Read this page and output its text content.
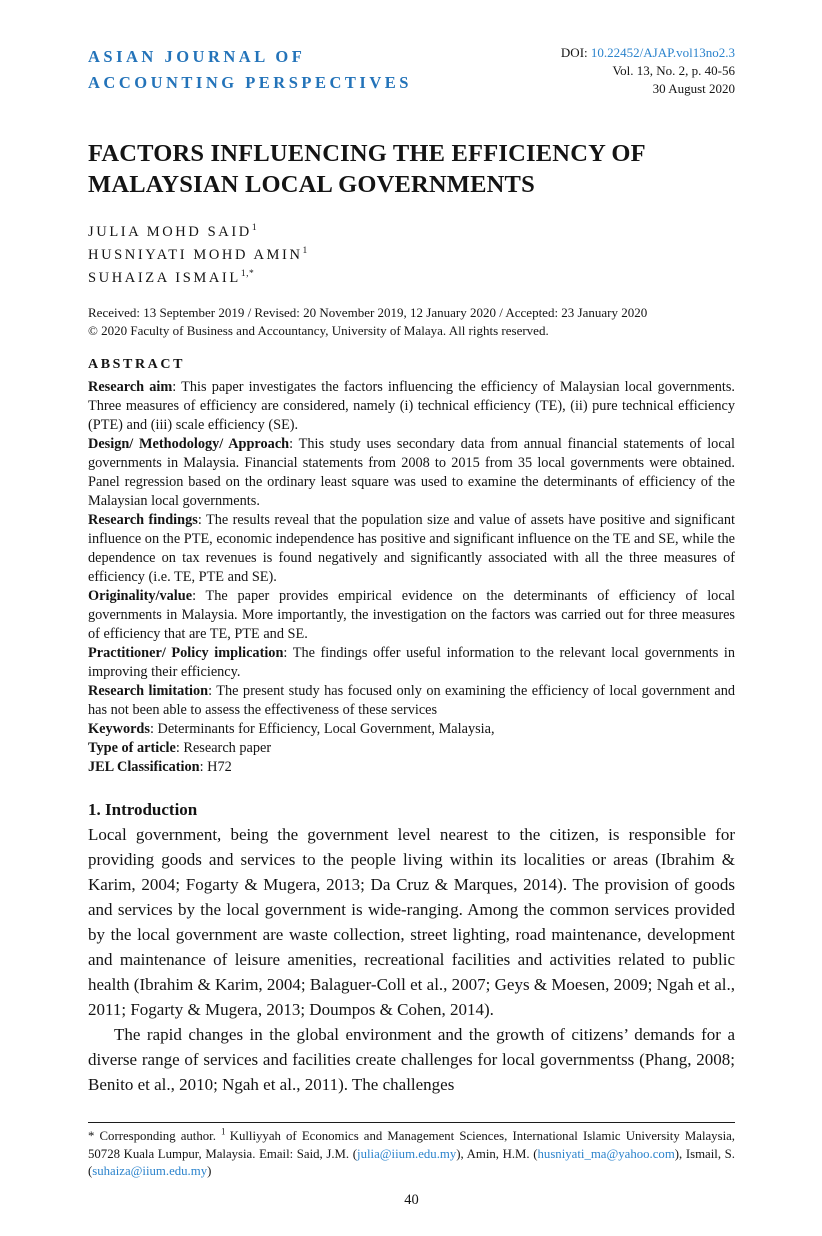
ASIAN JOURNAL OF
ACCOUNTING PERSPECTIVES
DOI: 10.22452/AJAP.vol13no2.3
Vol. 13, No. 2, p. 40-56
30 August 2020
FACTORS INFLUENCING THE EFFICIENCY OF MALAYSIAN LOCAL GOVERNMENTS
JULIA MOHD SAID$^1$
HUSNIYATI MOHD AMIN$^1$
SUHAIZA $ISMAIL^{1,*}$
Received: 13 September 2019 / Revised: 20 November 2019, 12 January 2020 / Accepted: 23 January 2020
© 2020 Faculty of Business and Accountancy, University of Malaya. All rights reserved.
ABSTRACT

Research aim: This paper investigates the factors influencing the efficiency of Malaysian local governments. Three measures of efficiency are considered, namely (i) technical efficiency (TE), (ii) pure technical efficiency (PTE) and (iii) scale efficiency (SE).

Design/ Methodology/ Approach: This study uses secondary data from annual financial statements of local governments in Malaysia. Financial statements from 2008 to 2015 from 35 local governments were obtained. Panel regression based on the ordinary least square was used to examine the determinants of efficiency of the Malaysian local governments.

Research findings: The results reveal that the population size and value of assets have positive and significant influence on the PTE, economic independence has positive and significant influence on the TE and SE, while the dependence on tax revenues is found negatively and significantly associated with all the three measures of efficiency (i.e. TE, PTE and SE).

Originality/value: The paper provides empirical evidence on the determinants of efficiency of local governments in Malaysia. More importantly, the investigation on the factors was carried out for three measures of efficiency that are TE, PTE and SE.

Practitioner/ Policy implication: The findings offer useful information to the relevant local governments in improving their efficiency.

Research limitation: The present study has focused only on examining the efficiency of local government and has not been able to assess the effectiveness of these services

Keywords: Determinants for Efficiency, Local Government, Malaysia,

Type of article: Research paper

JEL Classification: H72

1. Introduction

Local government, being the government level nearest to the citizen, is responsible for providing goods and services to the people living within its localities or areas (Ibrahim & Karim, 2004; Fogarty & Mugera, 2013; Da Cruz & Marques, 2014). The provision of goods and services by the local government is wide-ranging. Among the common services provided by the local government are waste collection, street lighting, road maintenance, development and maintenance of leisure amenities, recreational facilities and activities related to public health (Ibrahim & Karim, 2004; Balaguer-Coll et al., 2007; Geys & Moesen, 2009; Ngah et al., 2011; Fogarty & Mugera, 2013; Doumpos & Cohen, 2014).

The rapid changes in the global environment and the growth of citizens’ demands for a diverse range of services and facilities create challenges for local governmentss (Phang, 2008; Benito et al., 2010; Ngah et al., 2011). The challenges

* Corresponding author. $^1$ Kulliyyah of Economics and Management Sciences, International Islamic University Malaysia, 50728 Kuala Lumpur, Malaysia. Email: Said, J.M. (julia@iium.edu.my), Amin, H.M. (husniyati_ma@yahoo.com), Ismail, S. (suhaiza@iium.edu.my)

40
